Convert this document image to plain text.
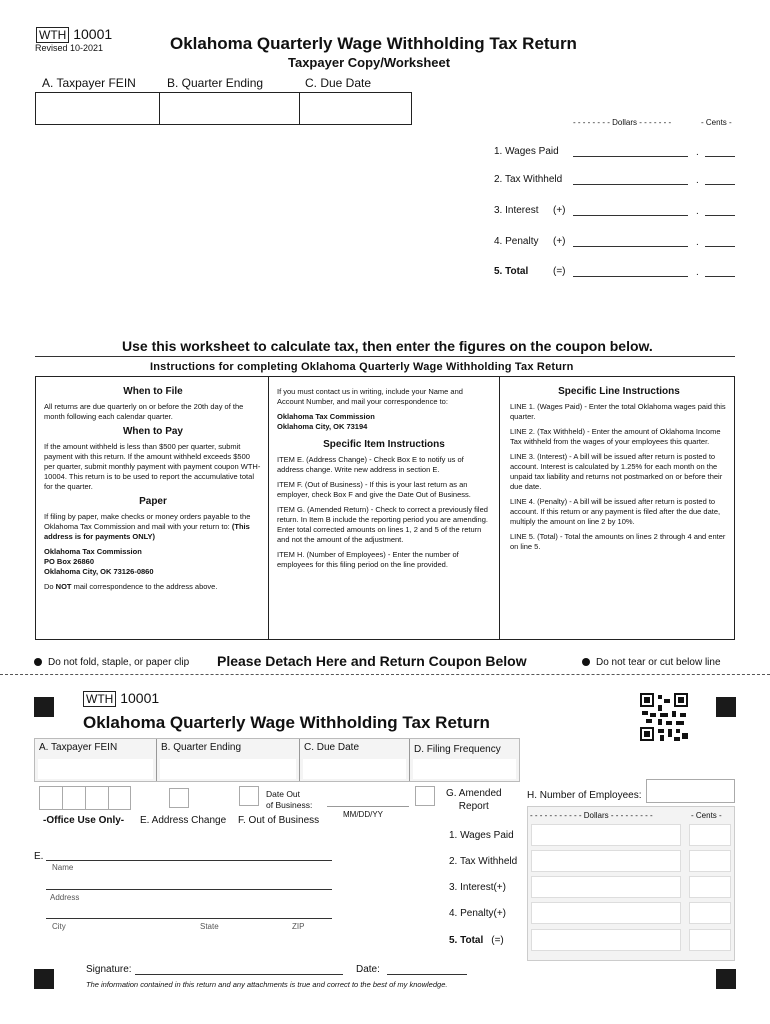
WTH 10001
Revised 10-2021	Oklahoma Quarterly Wage Withholding Tax Return
Taxpayer Copy/Worksheet
A. Taxpayer FEIN	B. Quarter Ending	C. Due Date
- - - - - - - - Dollars - - - - - - -	- Cents -
1. Wages Paid	.
2. Tax Withheld	.
3. Interest (+)	.
4. Penalty (+)	.
5. Total (=)	.
Use this worksheet to calculate tax, then enter the figures on the coupon below.
Instructions for completing Oklahoma Quarterly Wage Withholding Tax Return
When to File

All returns are due quarterly on or before the 20th day of the month following each calendar quarter.

When to Pay

If the amount withheld is less than $500 per quarter, submit payment with this return. If the amount withheld exceeds $500 per quarter, submit monthly payment with payment coupon WTH-10004. This return is to be used to report the accumulative total for the quarter.

Paper

If filing by paper, make checks or money orders payable to the Oklahoma Tax Commission and mail with your return to: (This address is for payments ONLY)

Oklahoma Tax Commission
PO Box 26860
Oklahoma City, OK 73126-0860

Do NOT mail correspondence to the address above.

If you must contact us in writing, include your Name and Account Number, and mail your correspondence to:

Oklahoma Tax Commission
Oklahoma City, OK 73194

Specific Item Instructions

ITEM E. (Address Change) - Check Box E to notify us of address change. Write new address in section E.

ITEM F. (Out of Business) - If this is your last return as an employer, check Box F and give the Date Out of Business.

ITEM G. (Amended Return) - Check to correct a previously filed return. In Item B include the reporting period you are amending. Enter total corrected amounts on lines 1, 2 and 5 of the return and not the amount of the adjustment.

ITEM H. (Number of Employees) - Enter the number of employees for this filing period on the line provided.

Specific Line Instructions

LINE 1. (Wages Paid) - Enter the total Oklahoma wages paid this quarter.

LINE 2. (Tax Withheld) - Enter the amount of Oklahoma Income Tax withheld from the wages of your employees this quarter.

LINE 3. (Interest) - A bill will be issued after return is posted to account. Interest is calculated by 1.25% for each month on the unpaid tax liability and returns not postmarked on or before their due date.

LINE 4. (Penalty) - A bill will be issued after return is posted to account. If this return or any payment is filed after the due date, multiply the amount on line 2 by 10%.

LINE 5. (Total) - Total the amounts on lines 2 through 4 and enter on line 5.

Do not fold, staple, or paper clip Please Detach Here and Return Coupon Below	Do not tear or cut below line
WTH 10001
Oklahoma Quarterly Wage Withholding Tax Return
A. Taxpayer FEIN	B. Quarter Ending	C. Due Date	D. Filing Frequency
-Office Use Only- E. Address Change F. Out of Business
Date Out
of Business:
MM/DD/YY
G. Amended
Report
H. Number of Employees:
- - - - - - - - - - - Dollars - - - - - - - - -	- Cents -
1. Wages Paid
2. Tax Withheld
3. Interest(+)
4. Penalty(+)
5. Total (=)
E.
Name
Address
City	State	ZIP
Signature:	Date:
The information contained in this return and any attachments is true and correct to the best of my knowledge.
